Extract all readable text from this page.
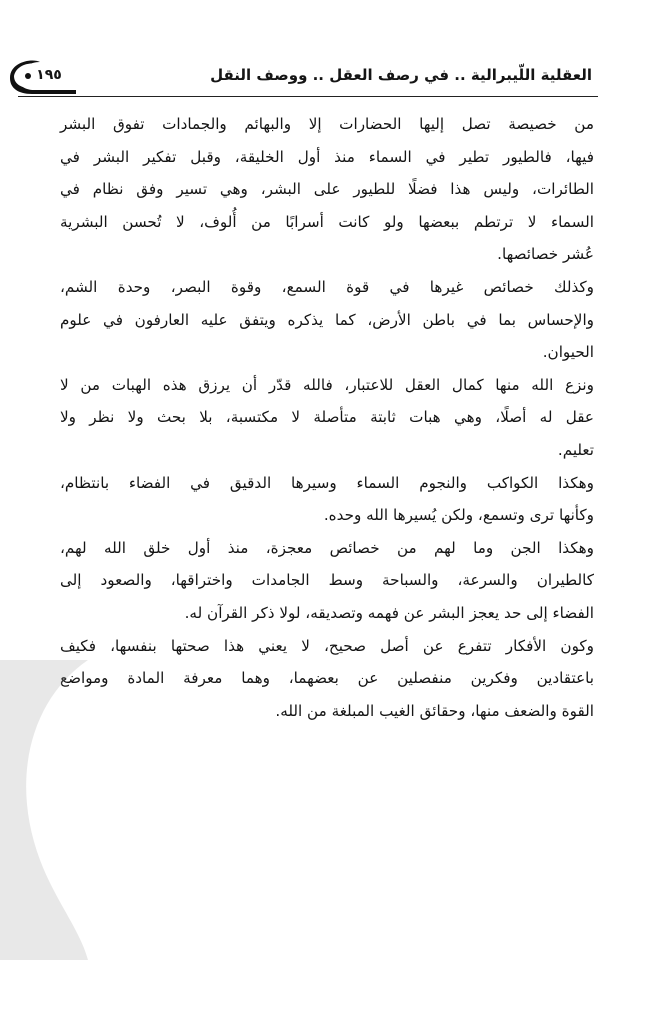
١٩٥	العقلية اللّيبرالية .. في رصف العقل .. ووصف النقل

من خصيصة تصل إليها الحضارات إلا والبهائم والجمادات تفوق البشر
فيها، فالطيور تطير في السماء منذ أول الخليقة، وقبل تفكير البشر في
الطائرات، وليس هذا فضلًا للطيور على البشر، وهي تسير وفق نظام في
السماء لا ترتطم ببعضها ولو كانت أسرابًا من أُلوف، لا تُحسن البشرية
عُشر خصائصها.

وكذلك خصائص غيرها في قوة السمع، وقوة البصر، وحدة الشم،
والإحساس بما في باطن الأرض، كما يذكره ويتفق عليه العارفون في علوم
الحيوان.

ونزع الله منها كمال العقل للاعتبار، فالله قدّر أن يرزق هذه الهبات من لا
عقل له أصلًا، وهي هبات ثابتة متأصلة لا مكتسبة، بلا بحث ولا نظر ولا
تعليم.

وهكذا الكواكب والنجوم السماء وسيرها الدقيق في الفضاء بانتظام،
وكأنها ترى وتسمع، ولكن يُسيرها الله وحده.

وهكذا الجن وما لهم من خصائص معجزة، منذ أول خلق الله لهم،
كالطيران والسرعة، والسباحة وسط الجامدات واختراقها، والصعود إلى
الفضاء إلى حد يعجز البشر عن فهمه وتصديقه، لولا ذكر القرآن له.

وكون الأفكار تتفرع عن أصل صحيح، لا يعني هذا صحتها بنفسها، فكيف
باعتقادين وفكرين منفصلين عن بعضهما، وهما معرفة المادة ومواضع
القوة والضعف منها، وحقائق الغيب المبلغة من الله.
